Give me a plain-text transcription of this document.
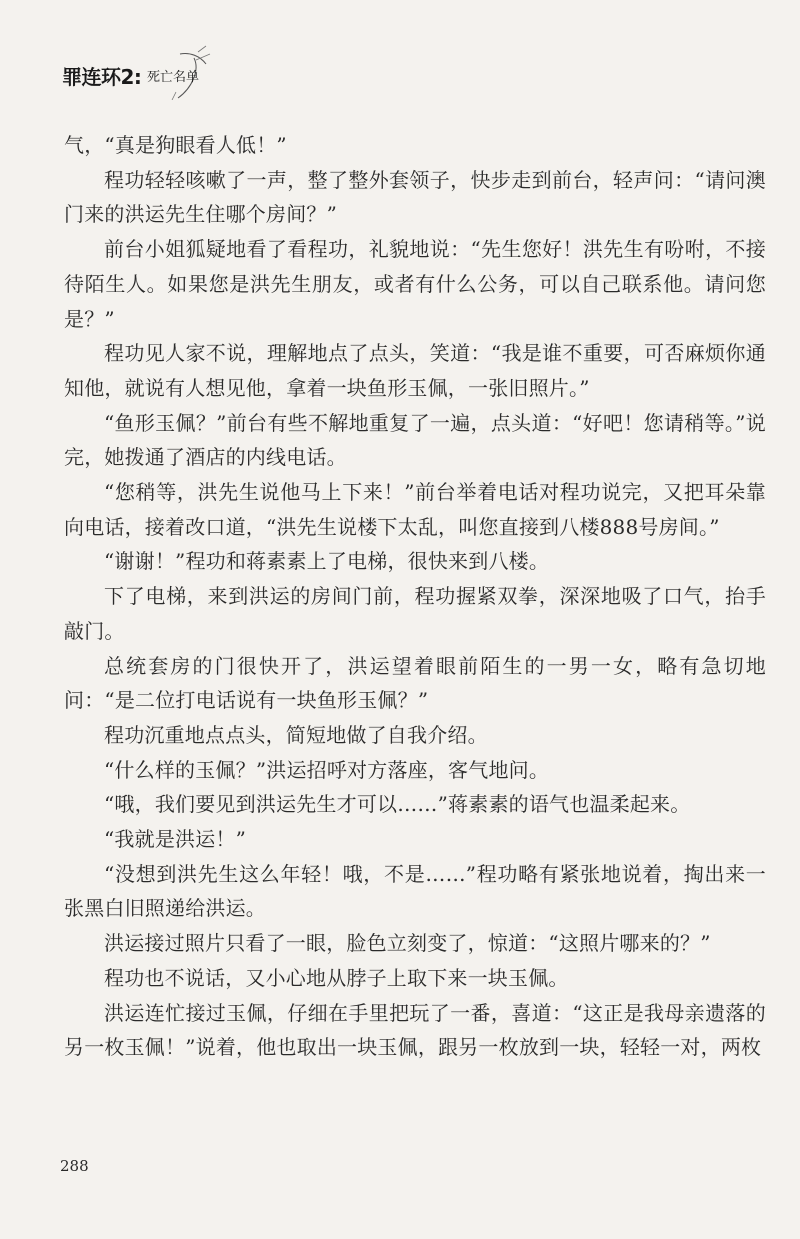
罪连环2: 死亡名单

气，“真是狗眼看人低！”

程功轻轻咳嗽了一声，整了整外套领子，快步走到前台，轻声问：“请问澳门来的洪运先生住哪个房间？”

前台小姐狐疑地看了看程功，礼貌地说：“先生您好！洪先生有吩咐，不接待陌生人。如果您是洪先生朋友，或者有什么公务，可以自己联系他。请问您是？”

程功见人家不说，理解地点了点头，笑道：“我是谁不重要，可否麻烦你通知他，就说有人想见他，拿着一块鱼形玉佩，一张旧照片。”

“鱼形玉佩？”前台有些不解地重复了一遍，点头道：“好吧！您请稍等。”说完，她拨通了酒店的内线电话。

“您稍等，洪先生说他马上下来！”前台举着电话对程功说完，又把耳朵靠向电话，接着改口道，“洪先生说楼下太乱，叫您直接到八楼888号房间。”

“谢谢！”程功和蒋素素上了电梯，很快来到八楼。

下了电梯，来到洪运的房间门前，程功握紧双拳，深深地吸了口气，抬手敲门。

总统套房的门很快开了，洪运望着眼前陌生的一男一女，略有急切地问：“是二位打电话说有一块鱼形玉佩？”

程功沉重地点点头，简短地做了自我介绍。

“什么样的玉佩？”洪运招呼对方落座，客气地问。

“哦，我们要见到洪运先生才可以……”蒋素素的语气也温柔起来。

“我就是洪运！”

“没想到洪先生这么年轻！哦，不是……”程功略有紧张地说着，掏出来一张黑白旧照递给洪运。

洪运接过照片只看了一眼，脸色立刻变了，惊道：“这照片哪来的？”

程功也不说话，又小心地从脖子上取下来一块玉佩。

洪运连忙接过玉佩，仔细在手里把玩了一番，喜道：“这正是我母亲遗落的另一枚玉佩！”说着，他也取出一块玉佩，跟另一枚放到一块，轻轻一对，两枚

288
